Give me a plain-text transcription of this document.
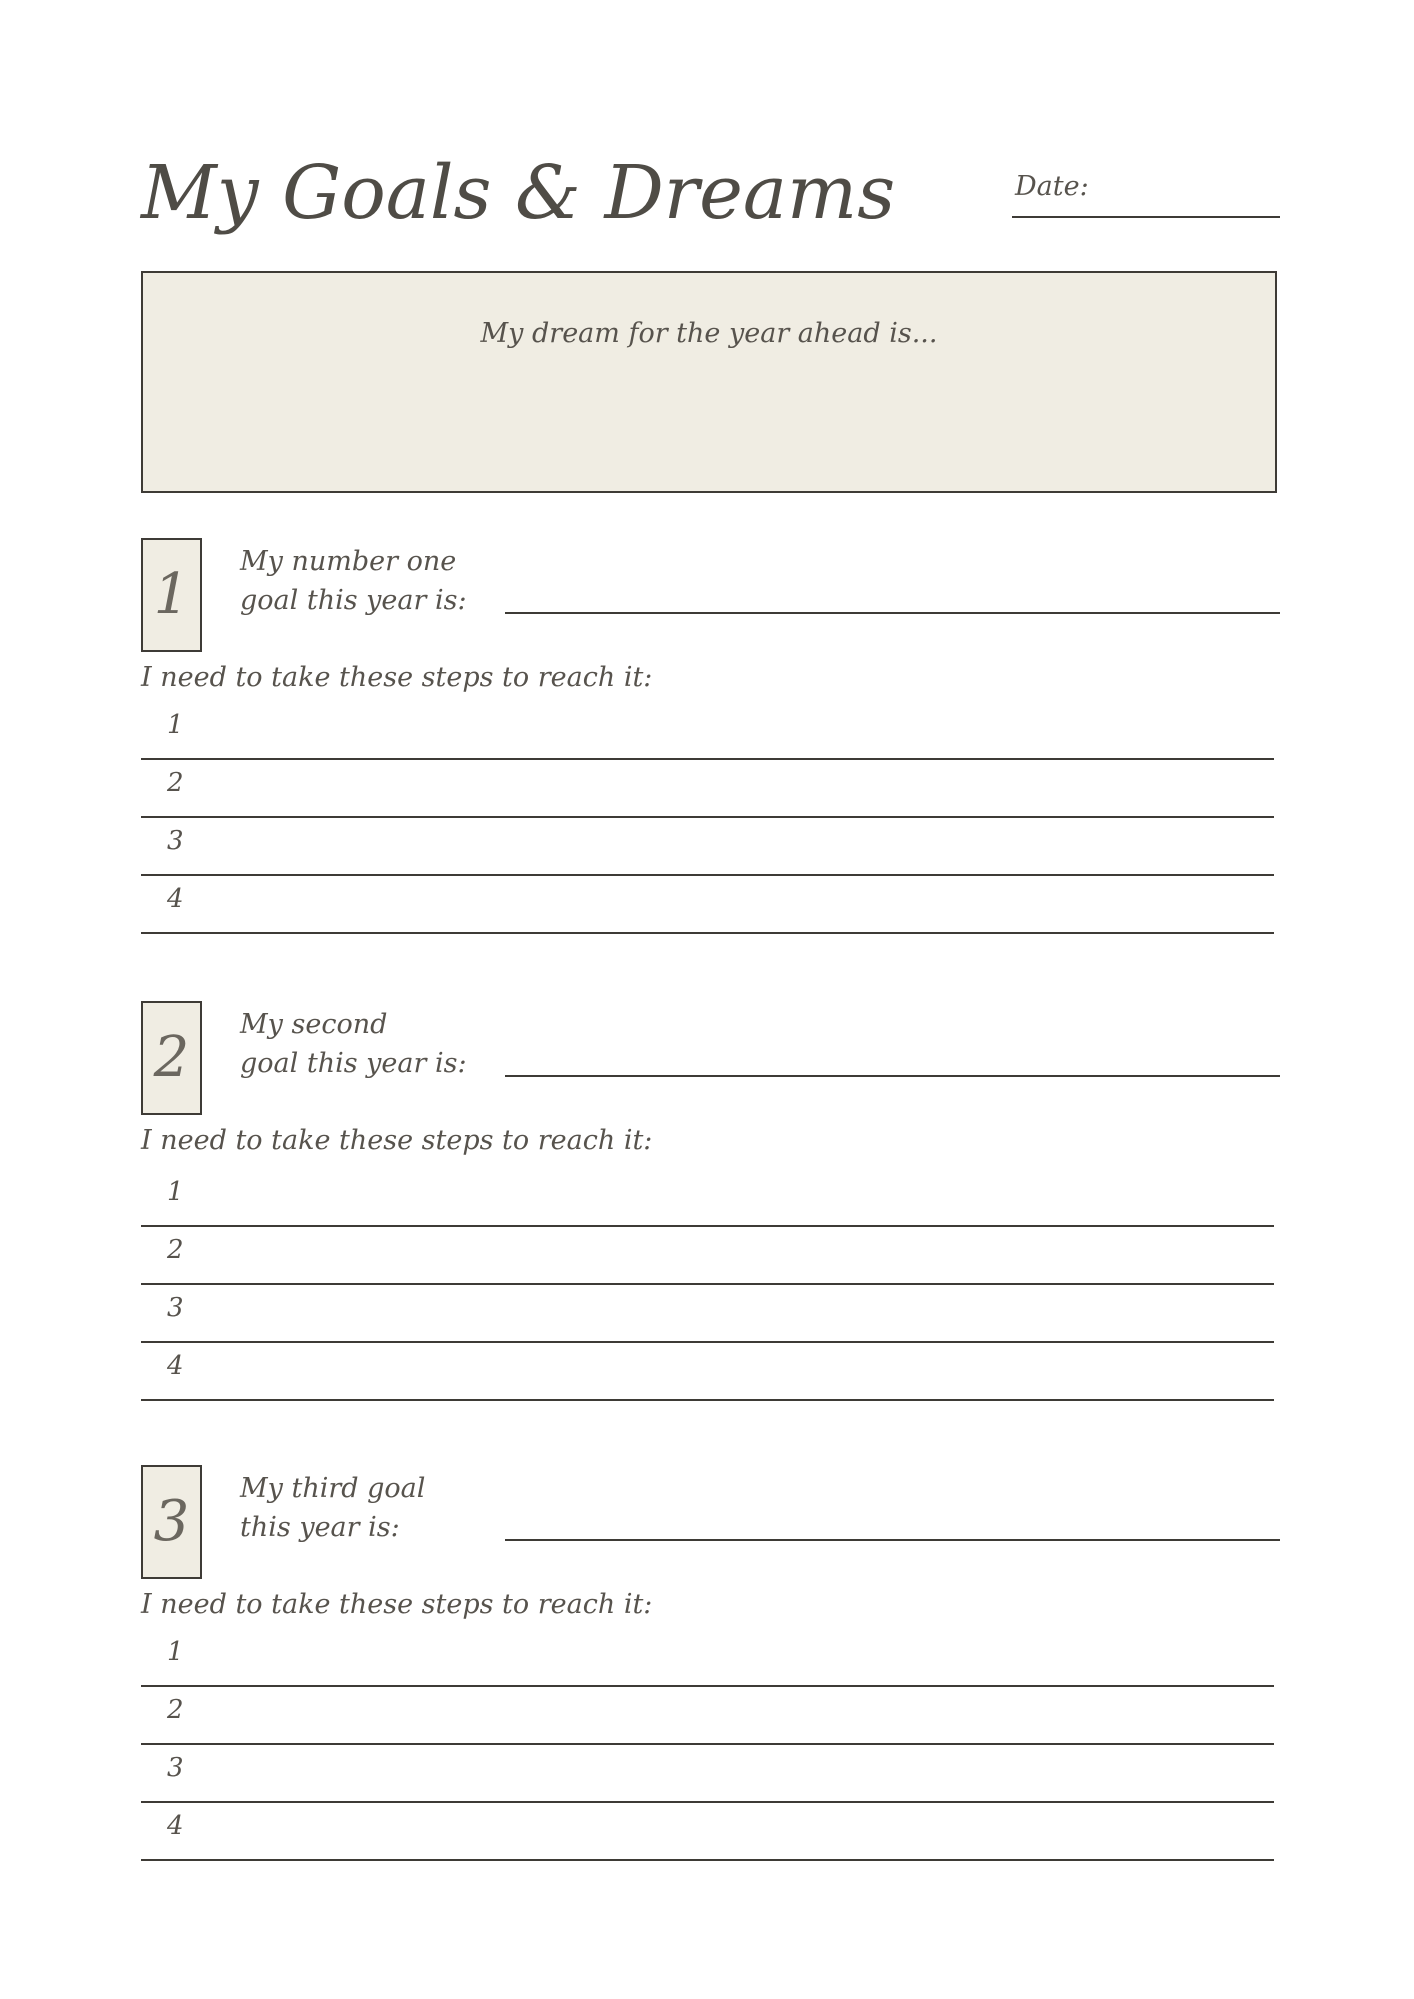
My Goals & Dreams	Date:
My dream for the year ahead is...
1
My number one
goal this year is:
I need to take these steps to reach it:
1
2
3
4
2
My second
goal this year is:
I need to take these steps to reach it:
1
2
3
4
3
My third goal
this year is:
I need to take these steps to reach it:
1
2
3
4
